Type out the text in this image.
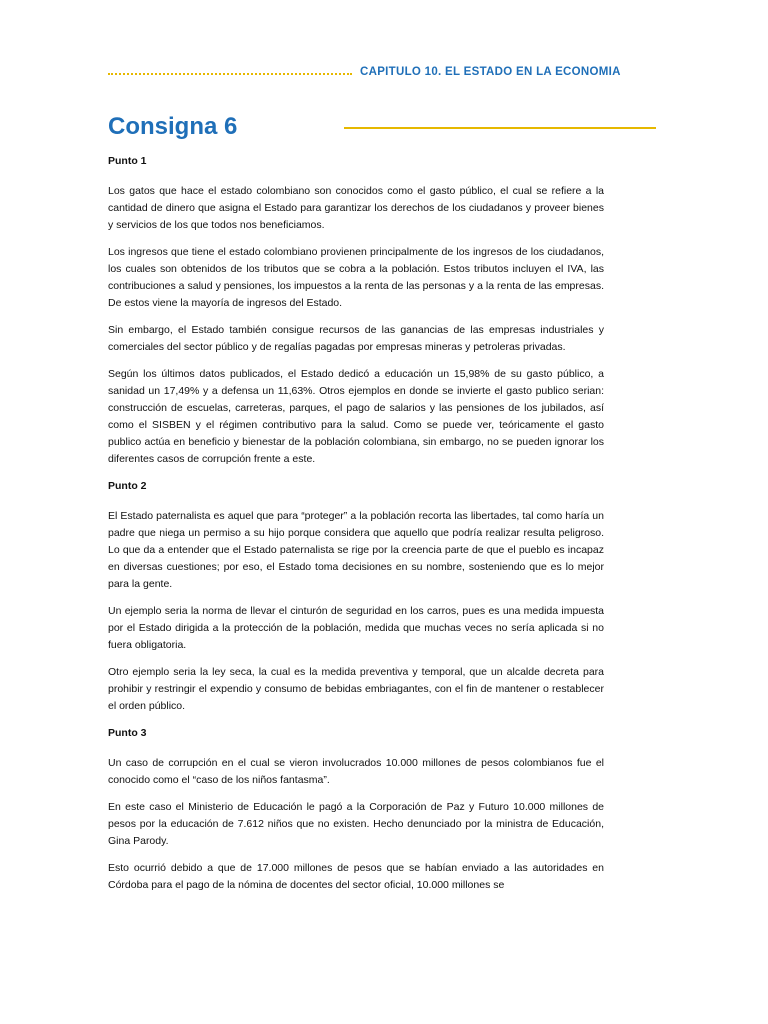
CAPITULO 10. EL ESTADO EN LA ECONOMIA
Consigna 6

Punto 1

Los gatos que hace el estado colombiano son conocidos como el gasto público, el cual se refiere a la cantidad de dinero que asigna el Estado para garantizar los derechos de los ciudadanos y proveer bienes y servicios de los que todos nos beneficiamos.

Los ingresos que tiene el estado colombiano provienen principalmente de los ingresos de los ciudadanos, los cuales son obtenidos de los tributos que se cobra a la población. Estos tributos incluyen el IVA, las contribuciones a salud y pensiones, los impuestos a la renta de las personas y a la renta de las empresas. De estos viene la mayoría de ingresos del Estado.

Sin embargo, el Estado también consigue recursos de las ganancias de las empresas industriales y comerciales del sector público y de regalías pagadas por empresas mineras y petroleras privadas.

Según los últimos datos publicados, el Estado dedicó a educación un 15,98% de su gasto público, a sanidad un 17,49% y a defensa un 11,63%. Otros ejemplos en donde se invierte el gasto publico serian: construcción de escuelas, carreteras, parques, el pago de salarios y las pensiones de los jubilados, así como el SISBEN y el régimen contributivo para la salud. Como se puede ver, teóricamente el gasto publico actúa en beneficio y bienestar de la población colombiana, sin embargo, no se pueden ignorar los diferentes casos de corrupción frente a este.

Punto 2

El Estado paternalista es aquel que para “proteger” a la población recorta las libertades, tal como haría un padre que niega un permiso a su hijo porque considera que aquello que podría realizar resulta peligroso. Lo que da a entender que el Estado paternalista se rige por la creencia parte de que el pueblo es incapaz en diversas cuestiones; por eso, el Estado toma decisiones en su nombre, sosteniendo que es lo mejor para la gente.

Un ejemplo seria la norma de llevar el cinturón de seguridad en los carros, pues es una medida impuesta por el Estado dirigida a la protección de la población, medida que muchas veces no sería aplicada si no fuera obligatoria.

Otro ejemplo seria la ley seca, la cual es la medida preventiva y temporal, que un alcalde decreta para prohibir y restringir el expendio y consumo de bebidas embriagantes, con el fin de mantener o restablecer el orden público.

Punto 3

Un caso de corrupción en el cual se vieron involucrados 10.000 millones de pesos colombianos fue el conocido como el “caso de los niños fantasma”.

En este caso el Ministerio de Educación le pagó a la Corporación de Paz y Futuro 10.000 millones de pesos por la educación de 7.612 niños que no existen. Hecho denunciado por la ministra de Educación, Gina Parody.

Esto ocurrió debido a que de 17.000 millones de pesos que se habían enviado a las autoridades en Córdoba para el pago de la nómina de docentes del sector oficial, 10.000 millones se
